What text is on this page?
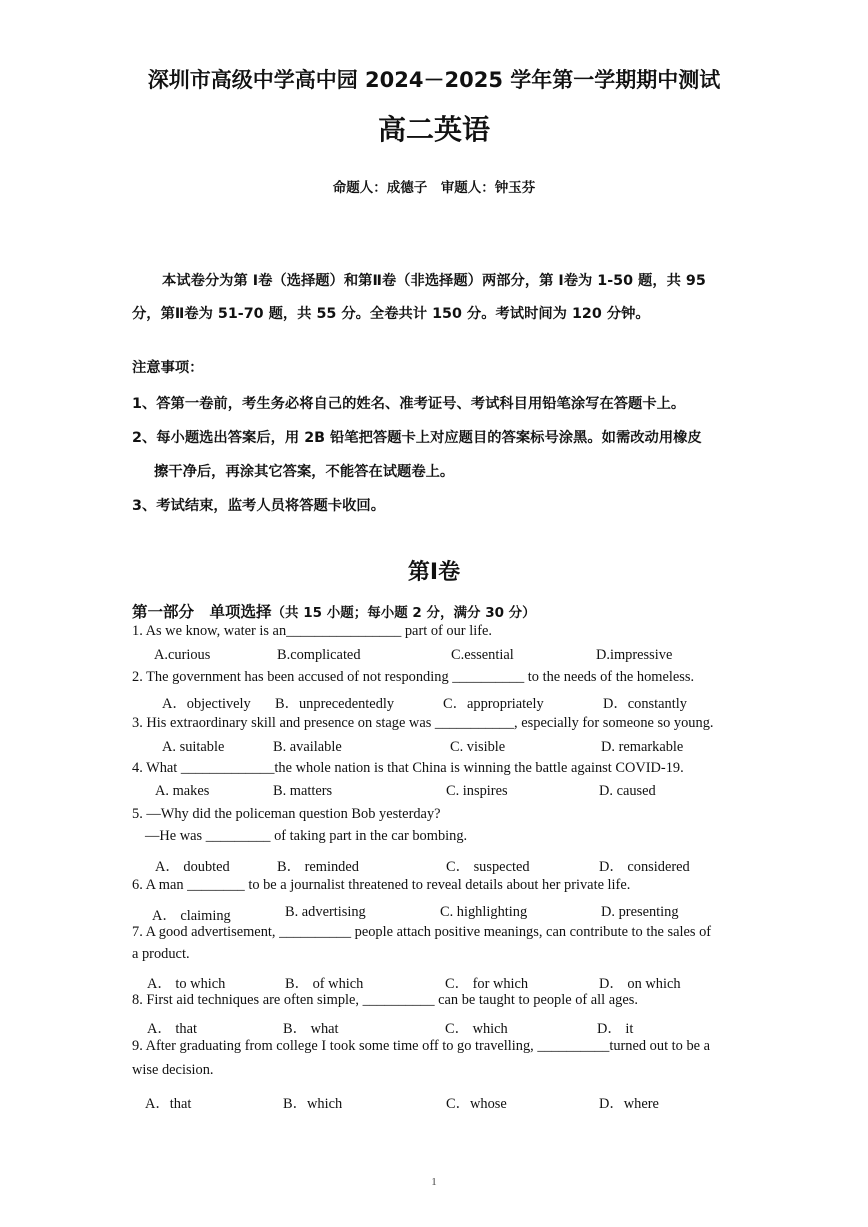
深圳市高级中学高中园 2024－2025 学年第一学期期中测试
高二英语
命题人：成德子　审题人：钟玉芬
本试卷分为第 Ⅰ卷（选择题）和第Ⅱ卷（非选择题）两部分，第 Ⅰ卷为 1-50 题，共 95
分，第Ⅱ卷为 51-70 题，共 55 分。全卷共计 150 分。考试时间为 120 分钟。
注意事项：
1、答第一卷前，考生务必将自己的姓名、准考证号、考试科目用铅笔涂写在答题卡上。
2、每小题选出答案后，用 2B 铅笔把答题卡上对应题目的答案标号涂黑。如需改动用橡皮
擦干净后，再涂其它答案，不能答在试题卷上。
3、考试结束，监考人员将答题卡收回。
第Ⅰ卷
第一部分　单项选择（共 15 小题；每小题 2 分，满分 30 分）
1. As we know, water is an________________ part of our life.
A.curious	B.complicated	C.essential	D.impressive
2. The government has been accused of not responding __________ to the needs of the homeless.
A．objectively B．unprecedentedly	C．appropriately	D．constantly
3. His extraordinary skill and presence on stage was ___________, especially for someone so young.
A. suitable	B. available	C. visible	D. remarkable
4. What _____________the whole nation is that China is winning the battle against COVID-19.
A. makes	B. matters	C. inspires	D. caused
5. —Why did the policeman question Bob yesterday?
—He was _________ of taking part in the car bombing.
A． doubted	B． reminded	C． suspected	D． considered
6. A man ________ to be a journalist threatened to reveal details about her private life.
A． claiming	B. advertising	C. highlighting	D. presenting
7. A good advertisement, __________ people attach positive meanings, can contribute to the sales of
a product.
A． to which	B． of which	C． for which	D． on which
8. First aid techniques are often simple, __________ can be taught to people of all ages.
A． that	B． what	C． which	D． it
9. After graduating from college I took some time off to go travelling, __________turned out to be a
wise decision.
A．that	B．which	C．whose	D．where
1
